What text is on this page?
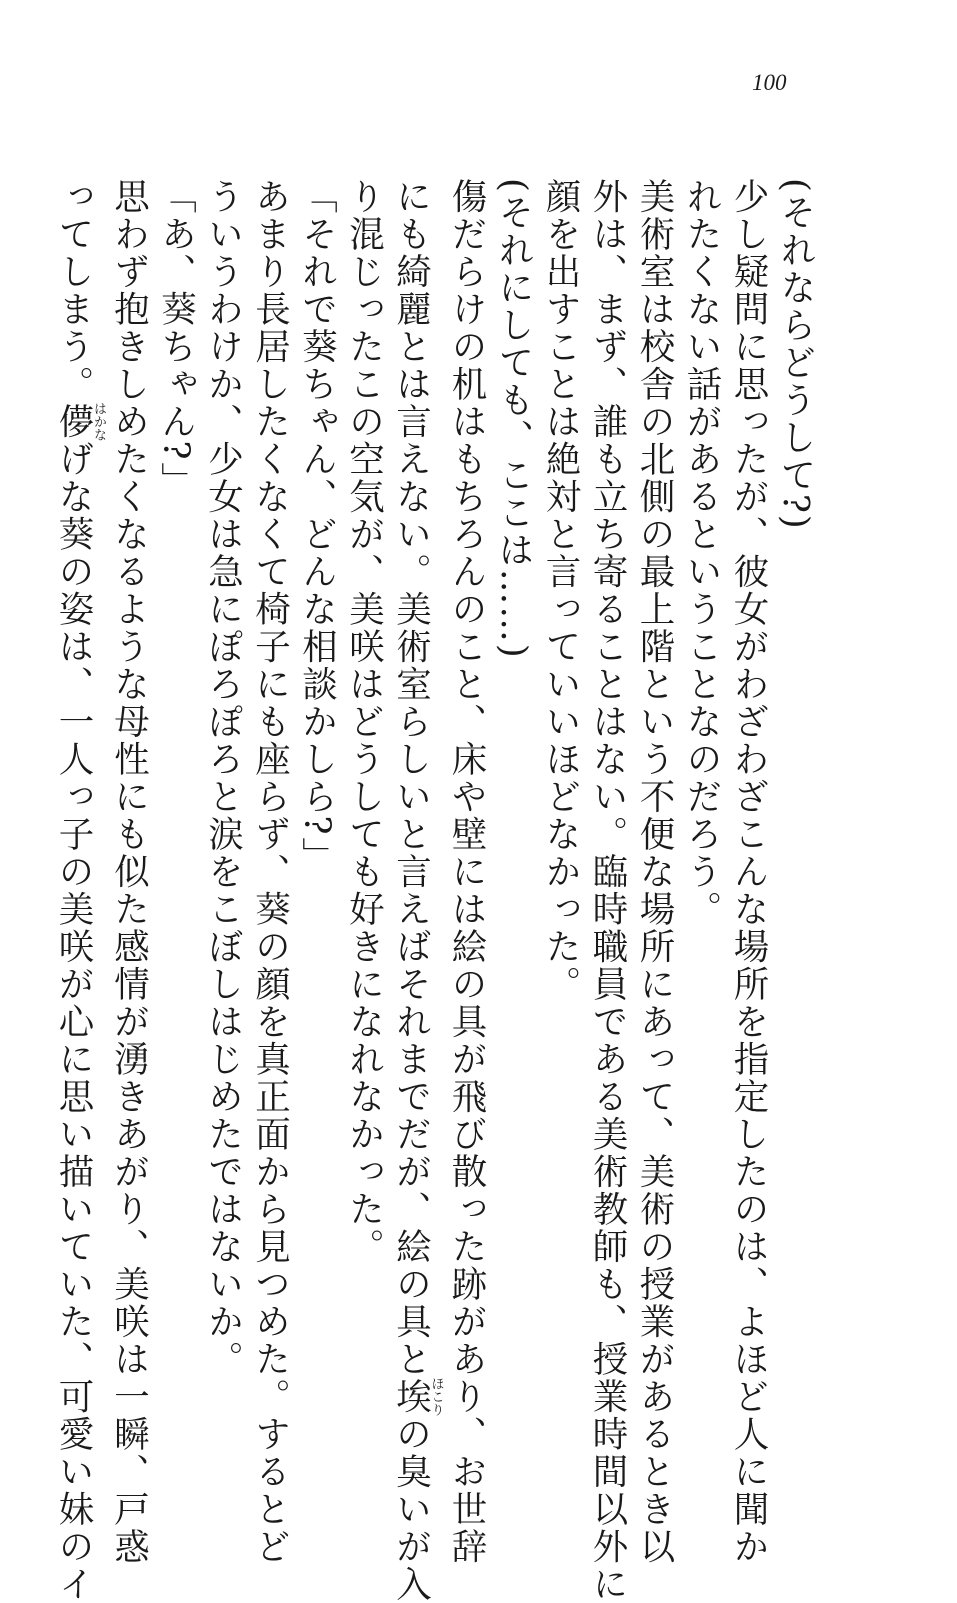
100
(それならどうして?)
少し疑問に思ったが、彼女がわざわざこんな場所を指定したのは、よほど人に聞か
れたくない話があるということなのだろう。
美術室は校舎の北側の最上階という不便な場所にあって、美術の授業があるとき以
外は、まず、誰も立ち寄ることはない。臨時職員である美術教師も、授業時間以外に
顔を出すことは絶対と言っていいほどなかった。
(それにしても、ここは……)
傷だらけの机はもちろんのこと、床や壁には絵の具が飛び散った跡があり、お世辞
にも綺麗とは言えない。美術室らしいと言えばそれまでだが、絵の具と埃ほこりの臭いが入
り混じったこの空気が、美咲はどうしても好きになれなかった。
「それで葵ちゃん、どんな相談かしら?」
あまり長居したくなくて椅子にも座らず、葵の顔を真正面から見つめた。するとど
ういうわけか、少女は急にぽろぽろと涙をこぼしはじめたではないか。
「あ、葵ちゃん?」
思わず抱きしめたくなるような母性にも似た感情が湧きあがり、美咲は一瞬、戸惑
ってしまう。儚はかなげな葵の姿は、一人っ子の美咲が心に思い描いていた、可愛い妹のイ
